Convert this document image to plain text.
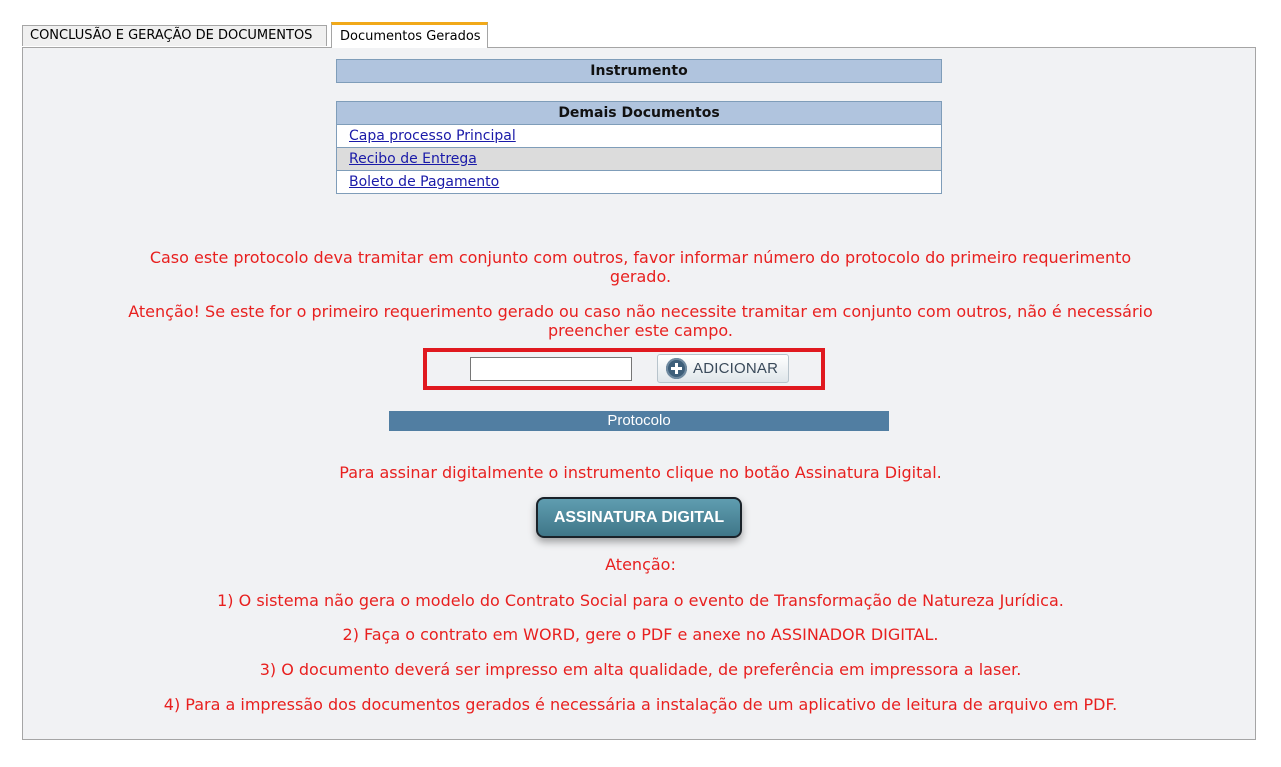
CONCLUSÃO E GERAÇÃO DE DOCUMENTOS	Documentos Gerados
Instrumento
Demais Documentos
Capa processo Principal
Recibo de Entrega
Boleto de Pagamento
Caso este protocolo deva tramitar em conjunto com outros, favor informar número do protocolo do primeiro requerimento
gerado.
Atenção! Se este for o primeiro requerimento gerado ou caso não necessite tramitar em conjunto com outros, não é necessário
preencher este campo.
ADICIONAR
Protocolo
Para assinar digitalmente o instrumento clique no botão Assinatura Digital.
ASSINATURA DIGITAL
Atenção:
1) O sistema não gera o modelo do Contrato Social para o evento de Transformação de Natureza Jurídica.
2) Faça o contrato em WORD, gere o PDF e anexe no ASSINADOR DIGITAL.
3) O documento deverá ser impresso em alta qualidade, de preferência em impressora a laser.
4) Para a impressão dos documentos gerados é necessária a instalação de um aplicativo de leitura de arquivo em PDF.
